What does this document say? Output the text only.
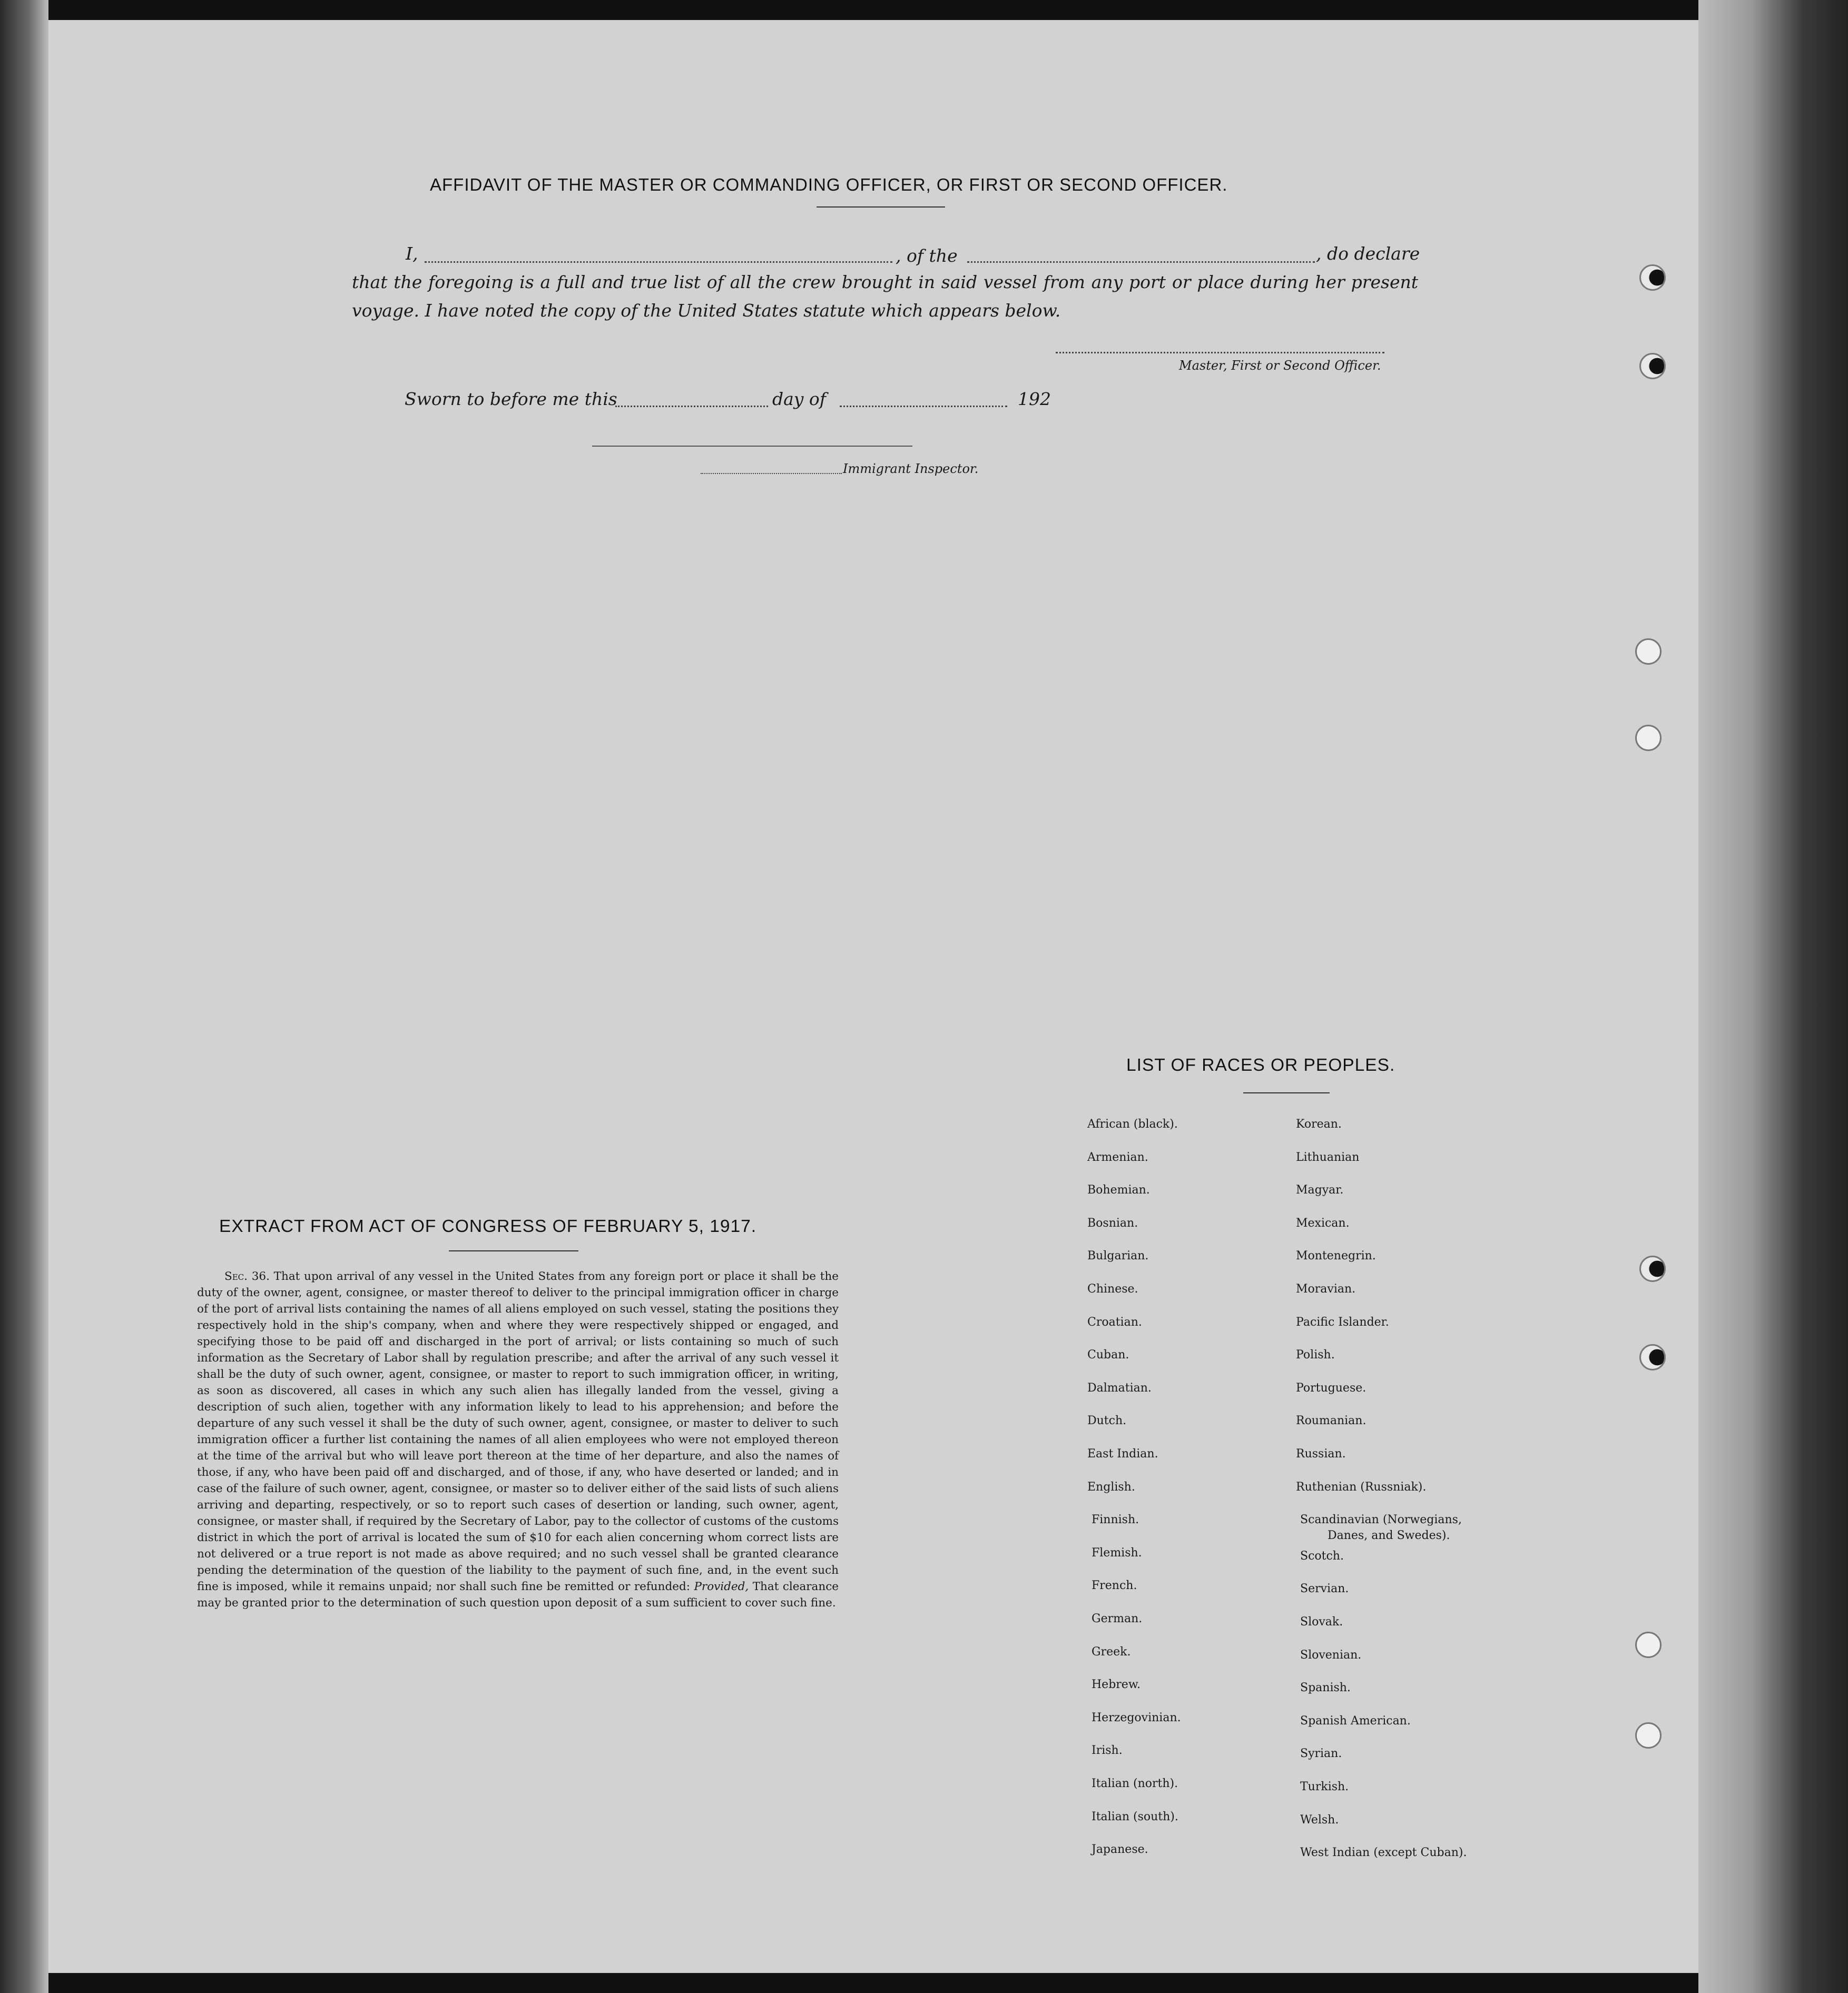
AFFIDAVIT OF THE MASTER OR COMMANDING OFFICER, OR FIRST OR SECOND OFFICER.
I,	, of the	, do declare
that the foregoing is a full and true list of all the crew brought in said vessel from any port or place during her present
voyage. I have noted the copy of the United States statute which appears below.
Master, First or Second Officer.
Sworn to before me this	day of	192
Immigrant Inspector.
EXTRACT FROM ACT OF CONGRESS OF FEBRUARY 5, 1917.
Sec. 36. That upon arrival of any vessel in the United States from any foreign port or place it shall be the duty of the owner, agent, consignee, or master thereof to deliver to the principal immigration officer in charge of the port of arrival lists containing the names of all aliens employed on such vessel, stating the positions they respectively hold in the ship's company, when and where they were respectively shipped or engaged, and specifying those to be paid off and discharged in the port of arrival; or lists containing so much of such information as the Secretary of Labor shall by regulation prescribe; and after the arrival of any such vessel it shall be the duty of such owner, agent, consignee, or master to report to such immigration officer, in writing, as soon as discovered, all cases in which any such alien has illegally landed from the vessel, giving a description of such alien, together with any information likely to lead to his apprehension; and before the departure of any such vessel it shall be the duty of such owner, agent, consignee, or master to deliver to such immigration officer a further list containing the names of all alien employees who were not employed thereon at the time of the arrival but who will leave port thereon at the time of her departure, and also the names of those, if any, who have been paid off and discharged, and of those, if any, who have deserted or landed; and in case of the failure of such owner, agent, consignee, or master so to deliver either of the said lists of such aliens arriving and departing, respectively, or so to report such cases of desertion or landing, such owner, agent, consignee, or master shall, if required by the Secretary of Labor, pay to the collector of customs of the customs district in which the port of arrival is located the sum of $10 for each alien concerning whom correct lists are not delivered or a true report is not made as above required; and no such vessel shall be granted clearance pending the determination of the question of the liability to the payment of such fine, and, in the event such fine is imposed, while it remains unpaid; nor shall such fine be remitted or refunded: Provided, That clearance may be granted prior to the determination of such question upon deposit of a sum sufficient to cover such fine.
LIST OF RACES OR PEOPLES.
African (black).
Armenian.
Bohemian.
Bosnian.
Bulgarian.
Chinese.
Croatian.
Cuban.
Dalmatian.
Dutch.
East Indian.
English.
Finnish.
Flemish.
French.
German.
Greek.
Hebrew.
Herzegovinian.
Irish.
Italian (north).
Italian (south).
Japanese.
Korean.
Lithuanian
Magyar.
Mexican.
Montenegrin.
Moravian.
Pacific Islander.
Polish.
Portuguese.
Roumanian.
Russian.
Ruthenian (Russniak).
Scandinavian (Norwegians,
Danes, and Swedes).
Scotch.
Servian.
Slovak.
Slovenian.
Spanish.
Spanish American.
Syrian.
Turkish.
Welsh.
West Indian (except Cuban).
